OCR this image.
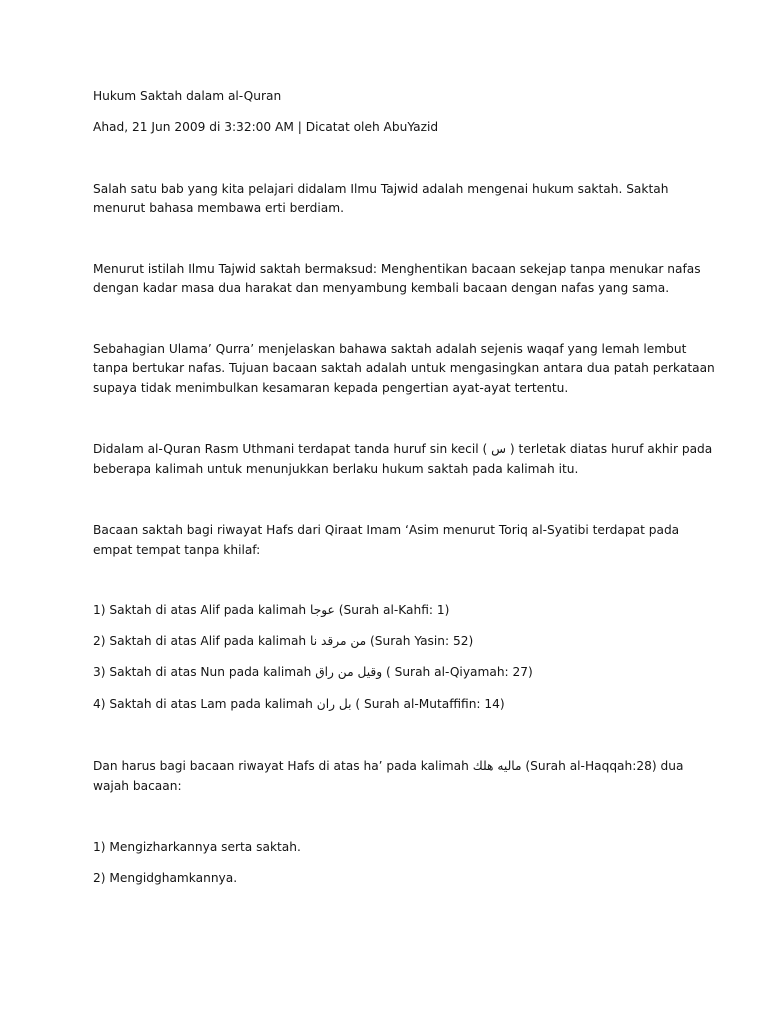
Hukum Saktah dalam al-Quran
Ahad, 21 Jun 2009 di 3:32:00 AM | Dicatat oleh AbuYazid
Salah satu bab yang kita pelajari didalam Ilmu Tajwid adalah mengenai hukum saktah. Saktah
menurut bahasa membawa erti berdiam.
Menurut istilah Ilmu Tajwid saktah bermaksud: Menghentikan bacaan sekejap tanpa menukar nafas
dengan kadar masa dua harakat dan menyambung kembali bacaan dengan nafas yang sama.
Sebahagian Ulama’ Qurra’ menjelaskan bahawa saktah adalah sejenis waqaf yang lemah lembut
tanpa bertukar nafas. Tujuan bacaan saktah adalah untuk mengasingkan antara dua patah perkataan
supaya tidak menimbulkan kesamaran kepada pengertian ayat-ayat tertentu.
Didalam al-Quran Rasm Uthmani terdapat tanda huruf sin kecil ( س ) terletak diatas huruf akhir pada
beberapa kalimah untuk menunjukkan berlaku hukum saktah pada kalimah itu.
Bacaan saktah bagi riwayat Hafs dari Qiraat Imam ‘Asim menurut Toriq al-Syatibi terdapat pada
empat tempat tanpa khilaf:
1) Saktah di atas Alif pada kalimah عوجا (Surah al-Kahfi: 1)
2) Saktah di atas Alif pada kalimah من مرقد نا (Surah Yasin: 52)
3) Saktah di atas Nun pada kalimah وقيل من راق ( Surah al-Qiyamah: 27)
4) Saktah di atas Lam pada kalimah بل ران ( Surah al-Mutaffifin: 14)
Dan harus bagi bacaan riwayat Hafs di atas ha’ pada kalimah ماليه هلك (Surah al-Haqqah:28) dua
wajah bacaan:
1) Mengizharkannya serta saktah.
2) Mengidghamkannya.
